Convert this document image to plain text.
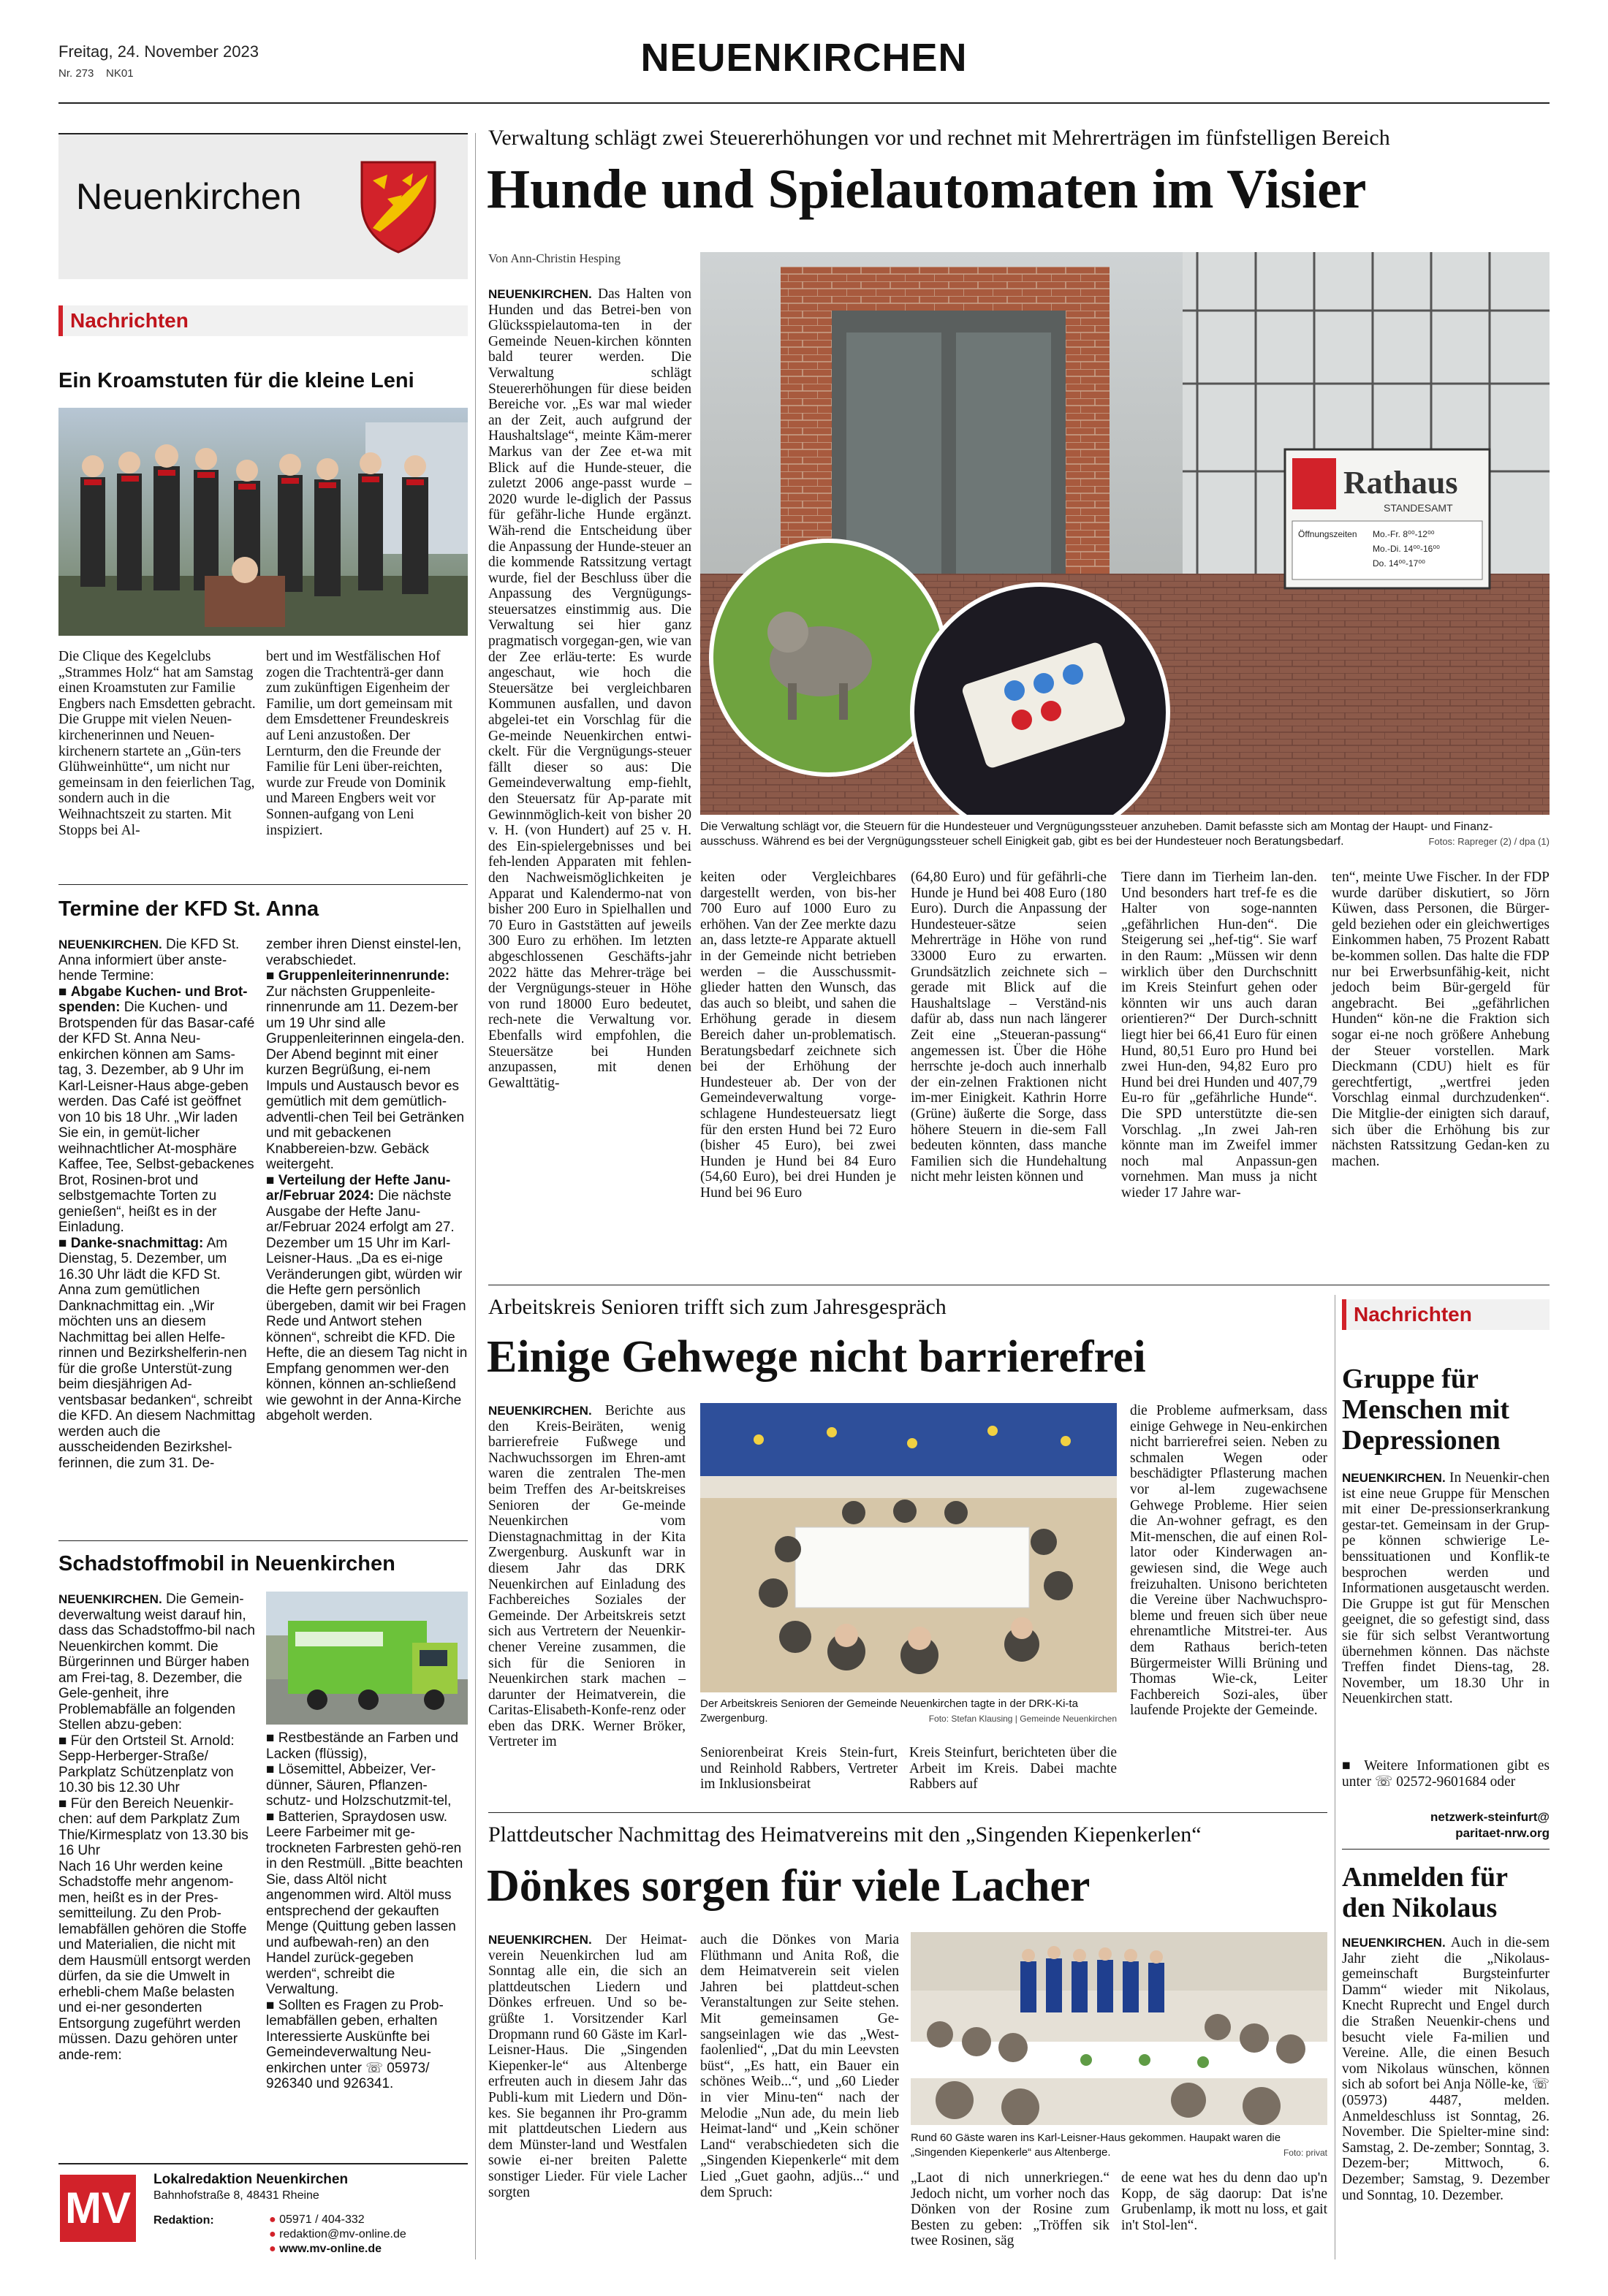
Freitag, 24. November 2023
Nr. 273 NK01	NEUENKIRCHEN
Neuenkirchen
Nachrichten
Ein Kroamstuten für die kleine Leni
Die Clique des Kegelclubs „Strammes Holz“ hat am Samstag einen Kroamstuten zur Familie Engbers nach Emsdetten gebracht. Die Gruppe mit vielen Neuen-kirchenerinnen und Neuen-kirchenern startete an „Gün-ters Glühweinhütte“, um nicht nur gemeinsam in den feierlichen Tag, sondern auch in die Weihnachtszeit zu starten. Mit Stopps bei Al-
bert und im Westfälischen Hof zogen die Trachtenträ-ger dann zum zukünftigen Eigenheim der Familie, um dort gemeinsam mit dem Emsdettener Freundeskreis auf Leni anzustoßen. Der Lernturm, den die Freunde der Familie für Leni über-reichten, wurde zur Freude von Dominik und Mareen Engbers weit vor Sonnen-aufgang von Leni inspiziert.
Termine der KFD St. Anna

NEUENKIRCHEN. Die KFD St. Anna informiert über anste-hende Termine:

■ Abgabe Kuchen- und Brot-spenden: Die Kuchen- und Brotspenden für das Basar-café der KFD St. Anna Neu-enkirchen können am Sams-tag, 3. Dezember, ab 9 Uhr im Karl-Leisner-Haus abge-geben werden. Das Café ist geöffnet von 10 bis 18 Uhr. „Wir laden Sie ein, in gemüt-licher weihnachtlicher At-mosphäre Kaffee, Tee, Selbst-gebackenes Brot, Rosinen-brot und selbstgemachte Torten zu genießen“, heißt es in der Einladung.

■ Danke-snachmittag: Am Dienstag, 5. Dezember, um 16.30 Uhr lädt die KFD St. Anna zum gemütlichen Danknachmittag ein. „Wir möchten uns an diesem Nachmittag bei allen Helfe-rinnen und Bezirkshelferin-nen für die große Unterstüt-zung beim diesjährigen Ad-ventsbasar bedanken“, schreibt die KFD. An diesem Nachmittag werden auch die ausscheidenden Bezirkshel-ferinnen, die zum 31. De-

zember ihren Dienst einstel-len, verabschiedet.

■ Gruppenleiterinnenrunde: Zur nächsten Gruppenleite-rinnenrunde am 11. Dezem-ber um 19 Uhr sind alle Gruppenleiterinnen eingela-den. Der Abend beginnt mit einer kurzen Begrüßung, ei-nem Impuls und Austausch bevor es gemütlich mit dem gemütlich-adventli-chen Teil bei Getränken und mit gebackenen Knabbereien-bzw. Gebäck weitergeht.

■ Verteilung der Hefte Janu-ar/Februar 2024: Die nächste Ausgabe der Hefte Janu-ar/Februar 2024 erfolgt am 27. Dezember um 15 Uhr im Karl-Leisner-Haus. „Da es ei-nige Veränderungen gibt, würden wir die Hefte gern persönlich übergeben, damit wir bei Fragen Rede und Antwort stehen können“, schreibt die KFD. Die Hefte, die an diesem Tag nicht in Empfang genommen wer-den können, können an-schließend wie gewohnt in der Anna-Kirche abgeholt werden.

Schadstoffmobil in Neuenkirchen

NEUENKIRCHEN. Die Gemein-deverwaltung weist darauf hin, dass das Schadstoffmo-bil nach Neuenkirchen kommt. Die Bürgerinnen und Bürger haben am Frei-tag, 8. Dezember, die Gele-genheit, ihre Problemabfälle an folgenden Stellen abzu-geben:

■ Für den Ortsteil St. Arnold: Sepp-Herberger-Straße/ Parkplatz Schützenplatz von 10.30 bis 12.30 Uhr

■ Für den Bereich Neuenkir-chen: auf dem Parkplatz Zum Thie/Kirmesplatz von 13.30 bis 16 Uhr

Nach 16 Uhr werden keine Schadstoffe mehr angenom-men, heißt es in der Pres-semitteilung. Zu den Prob-lemabfällen gehören die Stoffe und Materialien, die nicht mit dem Hausmüll entsorgt werden dürfen, da sie die Umwelt in erhebli-chem Maße belasten und ei-ner gesonderten Entsorgung zugeführt werden müssen. Dazu gehören unter ande-rem:

■ Restbestände an Farben und Lacken (flüssig),

■ Lösemittel, Abbeizer, Ver-dünner, Säuren, Pflanzen-schutz- und Holzschutzmit-tel,

■ Batterien, Spraydosen usw. Leere Farbeimer mit ge-trockneten Farbresten gehö-ren in den Restmüll. „Bitte beachten Sie, dass Altöl nicht angenommen wird. Altöl muss entsprechend der gekauften Menge (Quittung geben lassen und aufbewah-ren) an den Handel zurück-gegeben werden“, schreibt die Verwaltung.

■ Sollten es Fragen zu Prob-lemabfällen geben, erhalten Interessierte Auskünfte bei Gemeindeverwaltung Neu-enkirchen unter ☏ 05973/ 926340 und 926341.

MV
Lokalredaktion Neuenkirchen
Bahnhofstraße 8, 48431 Rheine
Redaktion:	● 05971 / 404-332
● redaktion@mv-online.de
● www.mv-online.de
Verwaltung schlägt zwei Steuererhöhungen vor und rechnet mit Mehrerträgen im fünfstelligen Bereich
Hunde und Spielautomaten im Visier
Von Ann-Christin Hesping
NEUENKIRCHEN. Das Halten von Hunden und das Betrei-ben von Glücksspielautoma-ten in der Gemeinde Neuen-kirchen könnten bald teurer werden. Die Verwaltung schlägt Steuererhöhungen für diese beiden Bereiche vor. „Es war mal wieder an der Zeit, auch aufgrund der Haushaltslage“, meinte Käm-merer Markus van der Zee et-wa mit Blick auf die Hunde-steuer, die zuletzt 2006 ange-passt wurde – 2020 wurde le-diglich der Passus für gefähr-liche Hunde ergänzt. Wäh-rend die Entscheidung über die Anpassung der Hunde-steuer an die kommende Ratssitzung vertagt wurde, fiel der Beschluss über die Anpassung des Vergnügungs-steuersatzes einstimmig aus. Die Verwaltung sei hier ganz pragmatisch vorgegan-gen, wie van der Zee erläu-terte: Es wurde angeschaut, wie hoch die Steuersätze bei vergleichbaren Kommunen ausfallen, und davon abgelei-tet ein Vorschlag für die Ge-meinde Neuenkirchen entwi-ckelt. Für die Vergnügungs-steuer fällt dieser so aus: Die Gemeindeverwaltung emp-fiehlt, den Steuersatz für Ap-parate mit Gewinnmöglich-keit von bisher 20 v. H. (von Hundert) auf 25 v. H. des Ein-spielergebnisses und bei feh-lenden Apparaten mit fehlen-den Nachweismöglichkeiten je Apparat und Kalendermo-nat von bisher 200 Euro in Spielhallen und 70 Euro in Gaststätten auf jeweils 300 Euro zu erhöhen. Im letzten abgeschlossenen Geschäfts-jahr 2022 hätte das Mehrer-träge bei der Vergnügungs-steuer in Höhe von rund 18000 Euro bedeutet, rech-nete die Verwaltung vor. Ebenfalls wird empfohlen, die Steuersätze bei Hunden anzupassen, mit denen Gewalttätig-
Rathaus
STANDESAMT
Öffnungszeiten Mo.-Fr. 8⁰⁰-12⁰⁰
Mo.-Di. 14⁰⁰-16⁰⁰
Do. 14⁰⁰-17⁰⁰
Die Verwaltung schlägt vor, die Steuern für die Hundesteuer und Vergnügungssteuer anzuheben. Damit befasste sich am Montag der Haupt- und Finanz-ausschuss. Während es bei der Vergnügungssteuer schell Einigkeit gab, gibt es bei der Hundesteuer noch Beratungsbedarf.	Fotos: Rapreger (2) / dpa (1)
keiten oder Vergleichbares dargestellt werden, von bis-her 700 Euro auf 1000 Euro zu erhöhen. Van der Zee merkte dazu an, dass letzte-re Apparate aktuell in der Gemeinde nicht betrieben werden – die Ausschussmit-glieder hatten den Wunsch, das das auch so bleibt, und sahen die Erhöhung gerade in diesem Bereich daher un-problematisch. Beratungsbedarf zeichnete sich bei der Erhöhung der Hundesteuer ab. Der von der Gemeindeverwaltung vorge-schlagene Hundesteuersatz liegt für den ersten Hund bei 72 Euro (bisher 45 Euro), bei zwei Hunden je Hund bei 84 Euro (54,60 Euro), bei drei Hunden je Hund bei 96 Euro
(64,80 Euro) und für gefährli-che Hunde je Hund bei 408 Euro (180 Euro). Durch die Anpassung der Hundesteuer-sätze seien Mehrerträge in Höhe von rund 33000 Euro zu erwarten. Grundsätzlich zeichnete sich – gerade mit Blick auf die Haushaltslage – Verständ-nis dafür ab, dass nun nach längerer Zeit eine „Steueran-passung“ angemessen ist. Über die Höhe herrschte je-doch auch innerhalb der ein-zelnen Fraktionen nicht im-mer Einigkeit. Kathrin Horre (Grüne) äußerte die Sorge, dass höhere Steuern in die-sem Fall bedeuten könnten, dass manche Familien sich die Hundehaltung nicht mehr leisten können und
Tiere dann im Tierheim lan-den. Und besonders hart tref-fe es die Halter von soge-nannten „gefährlichen Hun-den“. Die Steigerung sei „hef-tig“. Sie warf in den Raum: „Müssen wir denn wirklich über den Durchschnitt im Kreis Steinfurt gehen oder könnten wir uns auch daran orientieren?“ Der Durch-schnitt liegt hier bei 66,41 Euro für einen Hund, 80,51 Euro pro Hund bei zwei Hun-den, 94,82 Euro pro Hund bei drei Hunden und 407,79 Eu-ro für „gefährliche Hunde“. Die SPD unterstützte die-sen Vorschlag. „In zwei Jah-ren könnte man im Zweifel immer noch mal Anpassun-gen vornehmen. Man muss ja nicht wieder 17 Jahre war-
ten“, meinte Uwe Fischer. In der FDP wurde darüber diskutiert, so Jörn Küwen, dass Personen, die Bürger-geld beziehen oder ein gleichwertiges Einkommen haben, 75 Prozent Rabatt be-kommen sollen. Das halte die FDP nur bei Erwerbsunfähig-keit, nicht jedoch beim Bür-gergeld für angebracht. Bei „gefährlichen Hunden“ kön-ne die Fraktion sich sogar ei-ne noch größere Anhebung der Steuer vorstellen. Mark Dieckmann (CDU) hielt es für gerechtfertigt, „wertfrei jeden Vorschlag einmal durchzudenken“. Die Mitglie-der einigten sich darauf, sich über die Erhöhung bis zur nächsten Ratssitzung Gedan-ken zu machen.
Arbeitskreis Senioren trifft sich zum Jahresgespräch
Einige Gehwege nicht barrierefrei
NEUENKIRCHEN. Berichte aus den Kreis-Beiräten, wenig barrierefreie Fußwege und Nachwuchssorgen im Ehren-amt waren die zentralen The-men beim Treffen des Ar-beitskreises Senioren der Ge-meinde Neuenkirchen vom Dienstagnachmittag in der Kita Zwergenburg. Auskunft war in diesem Jahr das DRK Neuenkirchen auf Einladung des Fachbereiches Soziales der Gemeinde. Der Arbeitskreis setzt sich aus Vertretern der Neuenkir-chener Vereine zusammen, die sich für die Senioren in Neuenkirchen stark machen – darunter der Heimatverein, die Caritas-Elisabeth-Konfe-renz oder eben das DRK. Werner Bröker, Vertreter im
Der Arbeitskreis Senioren der Gemeinde Neuenkirchen tagte in der DRK-Ki-ta Zwergenburg.	Foto: Stefan Klausing | Gemeinde Neuenkirchen
Seniorenbeirat Kreis Stein-furt, und Reinhold Rabbers, Vertreter im Inklusionsbeirat
Kreis Steinfurt, berichteten über die Arbeit im Kreis. Dabei machte Rabbers auf
die Probleme aufmerksam, dass einige Gehwege in Neu-enkirchen nicht barrierefrei seien. Neben zu schmalen Wegen oder beschädigter Pflasterung machen vor al-lem zugewachsene Gehwege Probleme. Hier seien die An-wohner gefragt, es den Mit-menschen, die auf einen Rol-lator oder Kinderwagen an-gewiesen sind, die Wege auch freizuhalten. Unisono berichteten die Vereine über Nachwuchspro-bleme und freuen sich über neue ehrenamtliche Mitstrei-ter. Aus dem Rathaus berich-teten Bürgermeister Willi Brüning und Thomas Wie-ck, Leiter Fachbereich Sozi-ales, über laufende Projekte der Gemeinde.
Plattdeutscher Nachmittag des Heimatvereins mit den „Singenden Kiepenkerlen“
Dönkes sorgen für viele Lacher
NEUENKIRCHEN. Der Heimat-verein Neuenkirchen lud am Sonntag alle ein, die sich an plattdeutschen Liedern und Dönkes erfreuen. Und so be-grüßte 1. Vorsitzender Karl Dropmann rund 60 Gäste im Karl-Leisner-Haus. Die „Singenden Kiepenker-le“ aus Altenberge erfreuten auch in diesem Jahr das Publi-kum mit Liedern und Dön-kes. Sie begannen ihr Pro-gramm mit plattdeutschen Liedern aus dem Münster-land und Westfalen sowie ei-ner breiten Palette sonstiger Lieder. Für viele Lacher sorgten
auch die Dönkes von Maria Flüthmann und Anita Roß, die dem Heimatverein seit vielen Jahren bei plattdeut-schen Veranstaltungen zur Seite stehen. Mit gemeinsamen Ge-sangseinlagen wie das „West-faolenlied“, „Dat du min Leevsten büst“, „Es hatt, ein Bauer ein schönes Weib...“, und „60 Lieder in vier Minu-ten“ nach der Melodie „Nun ade, du mein lieb Heimat-land“ und „Kein schöner Land“ verabschiedeten sich die „Singenden Kiepenkerle“ mit dem Lied „Guet gaohn, adjüs...“ und dem Spruch:
Rund 60 Gäste waren ins Karl-Leisner-Haus gekommen. Haupakt waren die „Singenden Kiepenkerle“ aus Altenberge.	Foto: privat
„Laot di nich unnerkriegen.“ Jedoch nicht, um vorher noch das Dönken von der Rosine zum Besten zu geben: „Tröffen sik twee Rosinen, säg
de eene wat hes du denn dao up'n Kopp, de säg daorup: Dat is'ne Grubenlamp, ik mott nu loss, et gait in't Stol-len“.
Nachrichten
Gruppe für Menschen mit Depressionen
NEUENKIRCHEN. In Neuenkir-chen ist eine neue Gruppe für Menschen mit einer De-pressionserkrankung gestar-tet. Gemeinsam in der Grup-pe können schwierige Le-benssituationen und Konflik-te besprochen werden und Informationen ausgetauscht werden. Die Gruppe ist gut für Menschen geeignet, die so gefestigt sind, dass sie für sich selbst Verantwortung übernehmen können. Das nächste Treffen findet Diens-tag, 28. November, um 18.30 Uhr in Neuenkirchen statt.
■ Weitere Informationen gibt es unter ☏ 02572-9601684 oder
netzwerk-steinfurt@
paritaet-nrw.org
Anmelden für den Nikolaus
NEUENKIRCHEN. Auch in die-sem Jahr zieht die „Nikolaus-gemeinschaft Burgsteinfurter Damm“ wieder mit Nikolaus, Knecht Ruprecht und Engel durch die Straßen Neuenkir-chens und besucht viele Fa-milien und Vereine. Alle, die einen Besuch vom Nikolaus wünschen, können sich ab sofort bei Anja Nölle-ke, ☏ (05973) 4487, melden. Anmeldeschluss ist Sonntag, 26. November. Die Spielter-mine sind: Samstag, 2. De-zember; Sonntag, 3. Dezem-ber; Mittwoch, 6. Dezember; Samstag, 9. Dezember und Sonntag, 10. Dezember.
